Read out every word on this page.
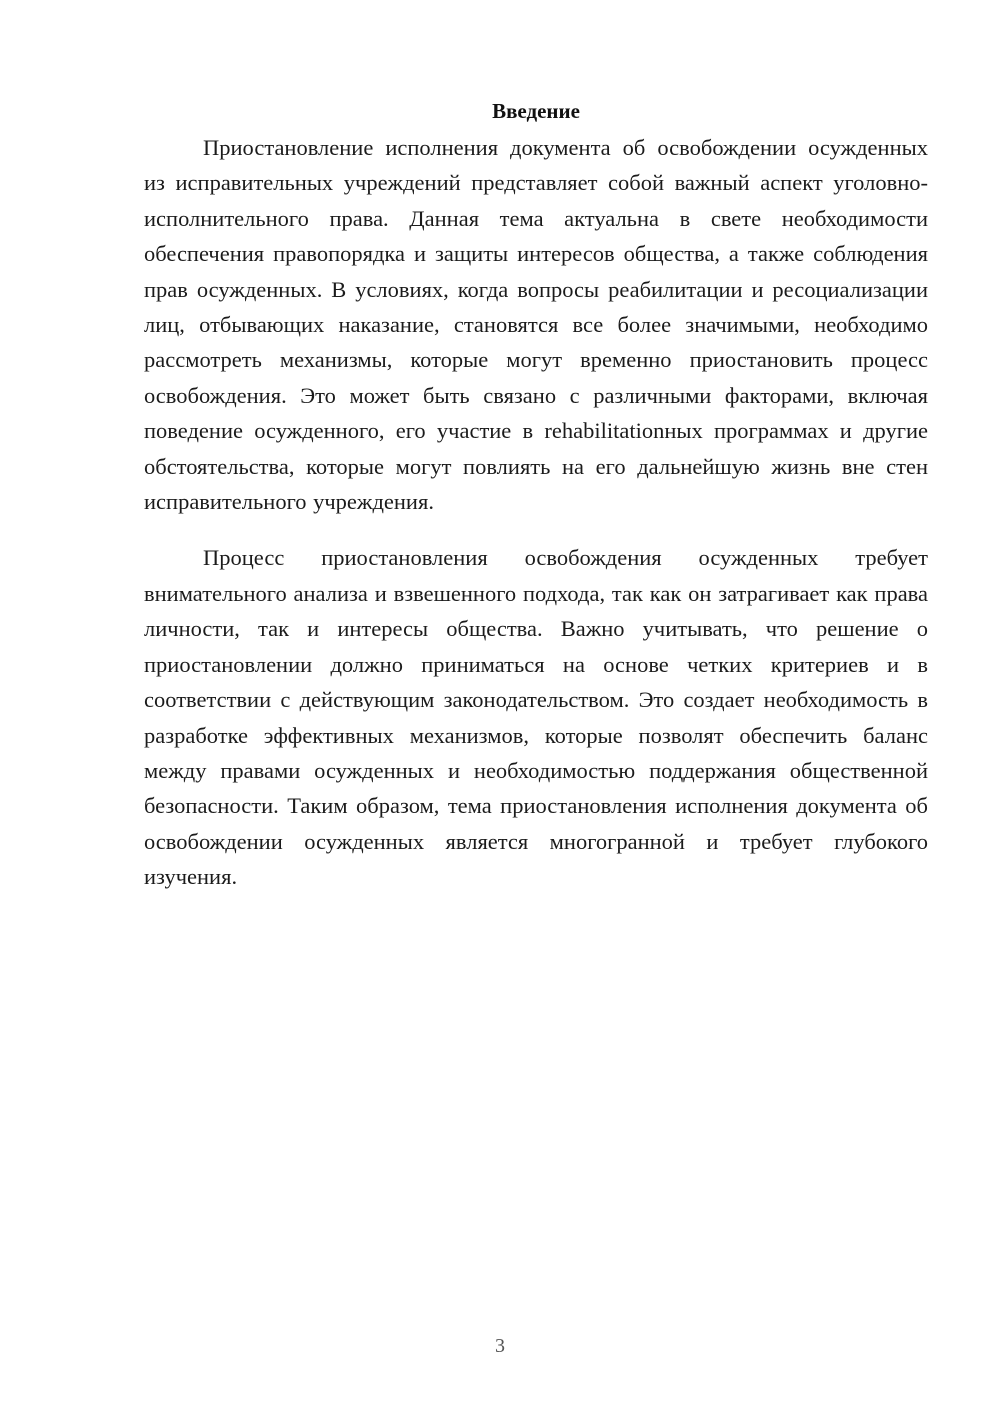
Введение

Приостановление исполнения документа об освобождении осужденных из исправительных учреждений представляет собой важный аспект уголовно-исполнительного права. Данная тема актуальна в свете необходимости обеспечения правопорядка и защиты интересов общества, а также соблюдения прав осужденных. В условиях, когда вопросы реабилитации и ресоциализации лиц, отбывающих наказание, становятся все более значимыми, необходимо рассмотреть механизмы, которые могут временно приостановить процесс освобождения. Это может быть связано с различными факторами, включая поведение осужденного, его участие в rehabilitationных программах и другие обстоятельства, которые могут повлиять на его дальнейшую жизнь вне стен исправительного учреждения.

Процесс приостановления освобождения осужденных требует внимательного анализа и взвешенного подхода, так как он затрагивает как права личности, так и интересы общества. Важно учитывать, что решение о приостановлении должно приниматься на основе четких критериев и в соответствии с действующим законодательством. Это создает необходимость в разработке эффективных механизмов, которые позволят обеспечить баланс между правами осужденных и необходимостью поддержания общественной безопасности. Таким образом, тема приостановления исполнения документа об освобождении осужденных является многогранной и требует глубокого изучения.

3
